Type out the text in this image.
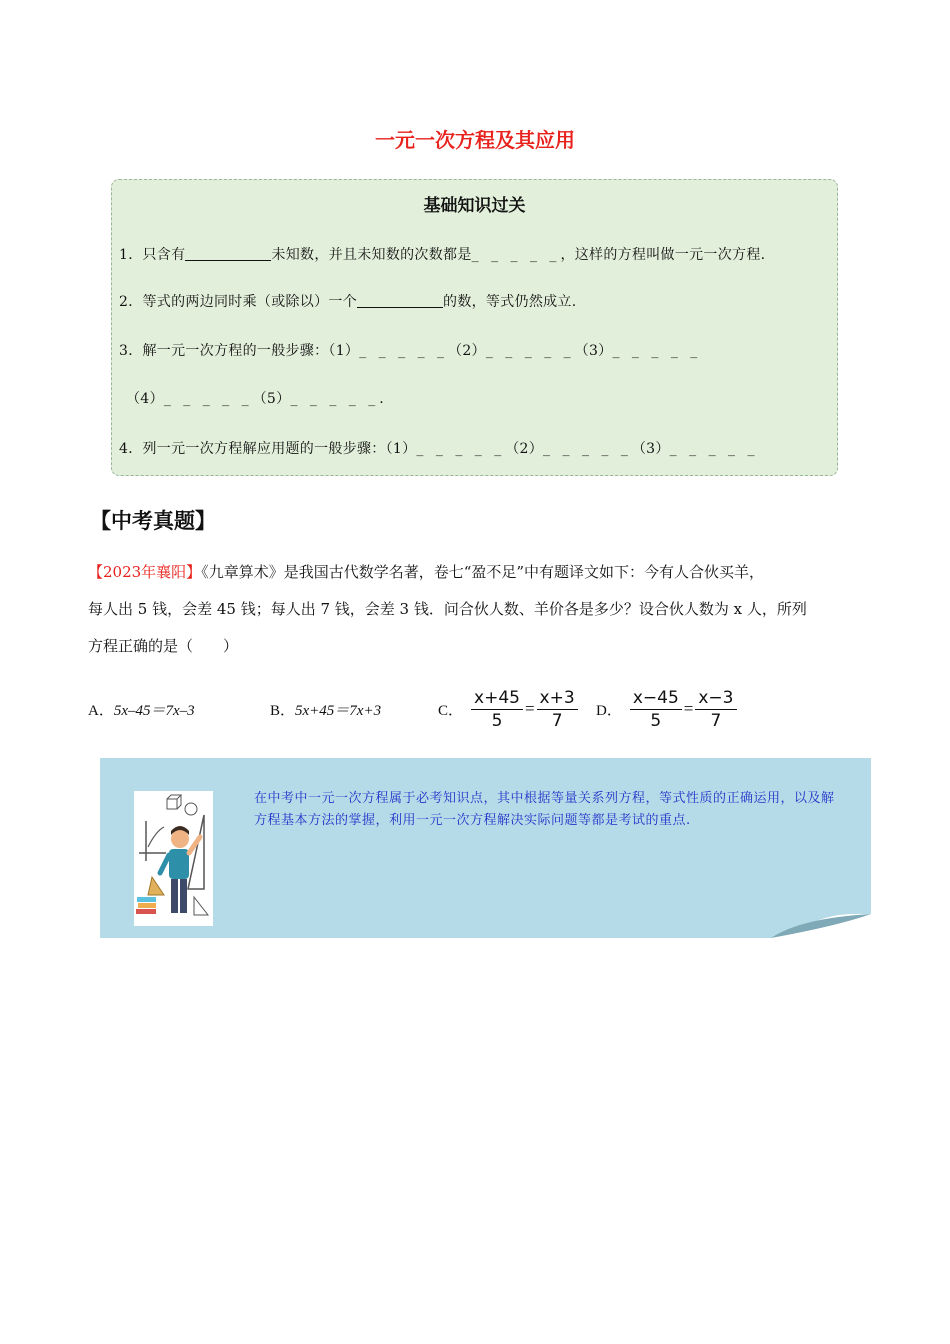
一元一次方程及其应用
基础知识过关
1．只含有	未知数，并且未知数的次数都是_ _ _ _ _，这样的方程叫做一元一次方程.
2．等式的两边同时乘（或除以）一个	的数，等式仍然成立.
3．解一元一次方程的一般步骤：（1）_ _ _ _ _（2）_ _ _ _ _（3）_ _ _ _ _
（4）_ _ _ _ _（5）_ _ _ _ _.
4．列一元一次方程解应用题的一般步骤：（1）_ _ _ _ _（2）_ _ _ _ _（3）_ _ _ _ _
【中考真题】
【2023年襄阳】《九章算术》是我国古代数学名著，卷七“盈不足”中有题译文如下：今有人合伙买羊，
每人出 5 钱，会差 45 钱；每人出 7 钱，会差 3 钱．问合伙人数、羊价各是多少？设合伙人数为 x 人，所列
方程正确的是（　　）
A． 5x–45＝7x–3	B． 5x+45＝7x+3	C． $\frac{x+45}{5} = \frac{x+3}{7}$ D． $\frac{x-45}{5} = \frac{x-3}{7}$
在中考中一元一次方程属于必考知识点，其中根据等量关系列方程，等式性质的正确运用，以及解方程基本方法的掌握，利用一元一次方程解决实际问题等都是考试的重点.
